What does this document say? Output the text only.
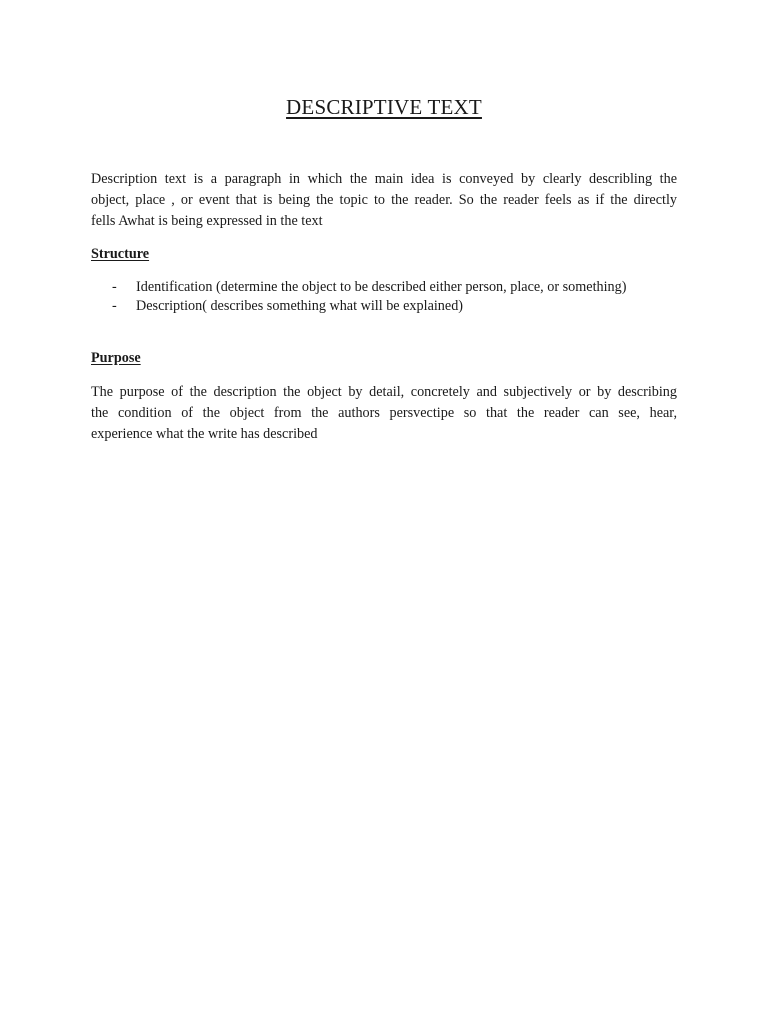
DESCRIPTIVE TEXT

Description text is a paragraph in which the main idea is conveyed by clearly describling the
object, place , or event that is being the topic to the reader. So the reader feels as if the directly
fells Awhat is being expressed in the text

Structure
- Identification (determine the object to be described either person, place, or something)
- Description( describes something what will be explained)
Purpose

The purpose of the description the object by detail, concretely and subjectively or by describing
the condition of the object from the authors persvectipe so that the reader can see, hear,
experience what the write has described
